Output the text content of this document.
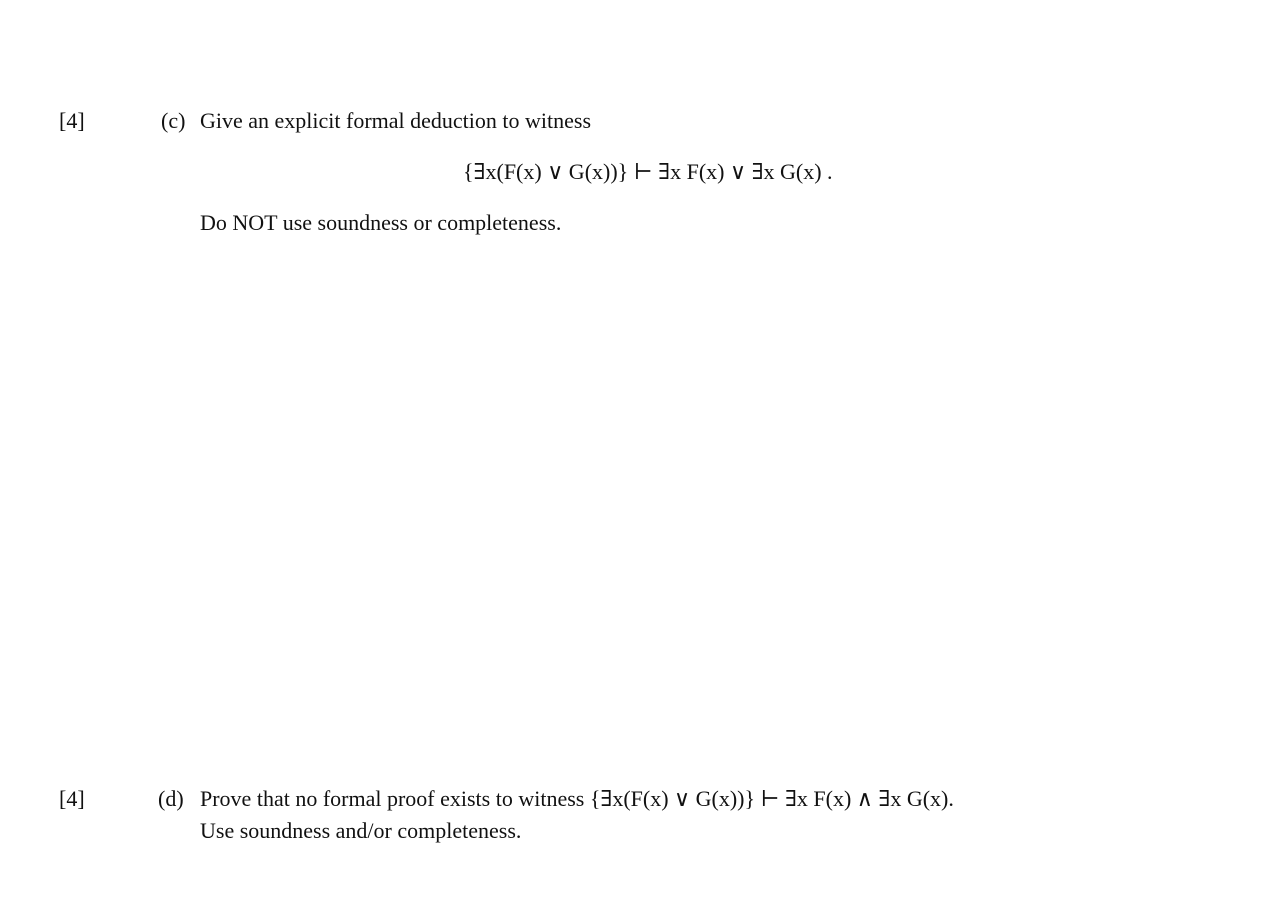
[4]	(c) Give an explicit formal deduction to witness
{∃x(F(x) ∨ G(x))} ⊢ ∃x F(x) ∨ ∃x G(x) .
Do NOT use soundness or completeness.
[4]	(d) Prove that no formal proof exists to witness {∃x(F(x) ∨ G(x))} ⊢ ∃x F(x) ∧ ∃x G(x).
Use soundness and/or completeness.
